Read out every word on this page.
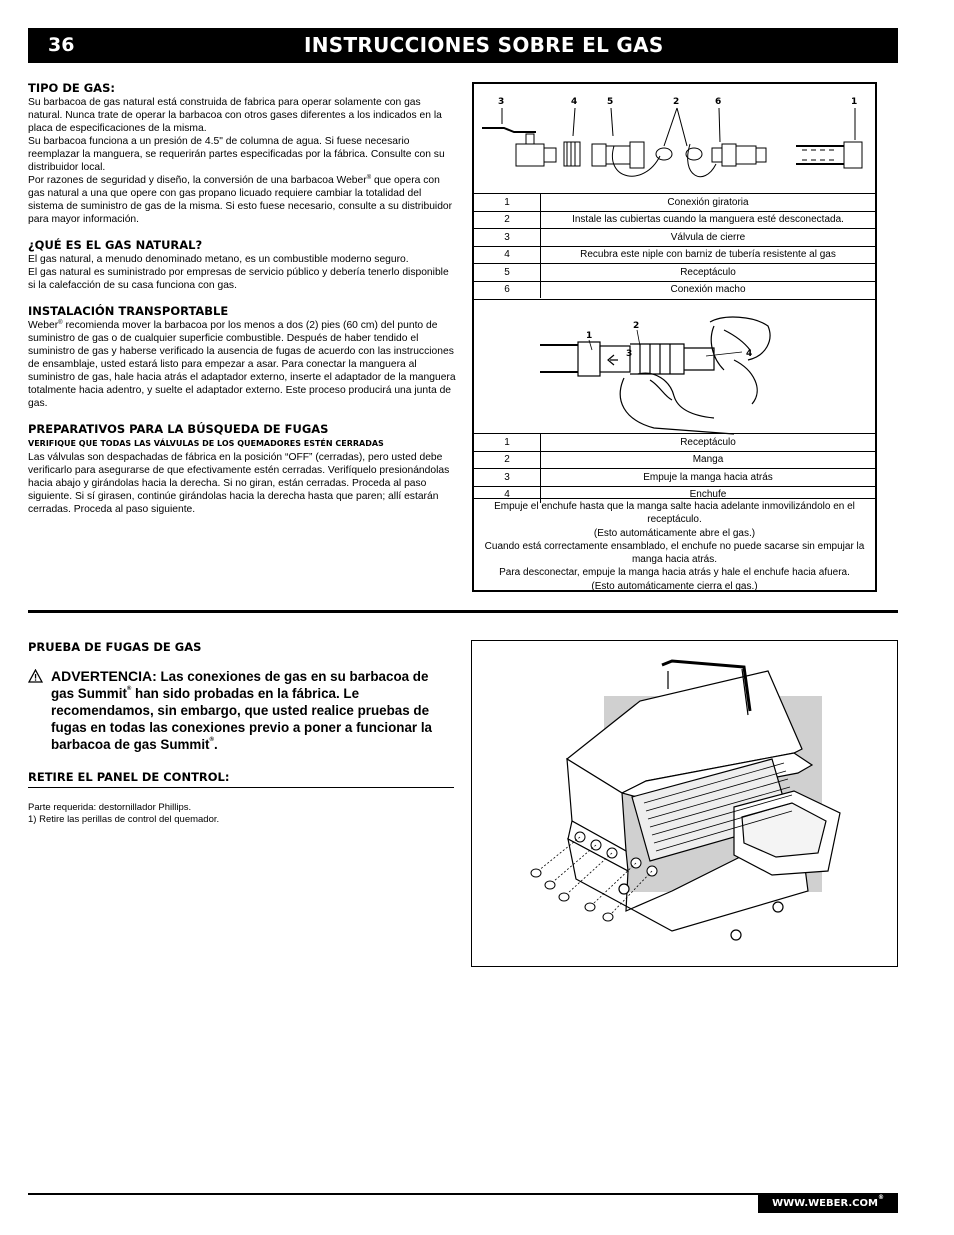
36	INSTRUCCIONES SOBRE EL GAS
TIPO DE GAS:

Su barbacoa de gas natural está construida de fabrica para operar solamente con gas natural. Nunca trate de operar la barbacoa con otros gases diferentes a los indicados en la placa de especificaciones de la misma.

Su barbacoa funciona a un presión de 4.5" de columna de agua. Si fuese necesario reemplazar la manguera, se requerirán partes especificadas por la fábrica. Consulte con su distribuidor local.

Por razones de seguridad y diseño, la conversión de una barbacoa Weber® que opera con gas natural a una que opere con gas propano licuado requiere cambiar la totalidad del sistema de suministro de gas de la misma. Si esto fuese necesario, consulte a su distribuidor para mayor información.

¿QUÉ ES EL GAS NATURAL?

El gas natural, a menudo denominado metano, es un combustible moderno seguro.

El gas natural es suministrado por empresas de servicio público y debería tenerlo disponible si la calefacción de su casa funciona con gas.

INSTALACIÓN TRANSPORTABLE

Weber® recomienda mover la barbacoa por los menos a dos (2) pies (60 cm) del punto de suministro de gas o de cualquier superficie combustible. Después de haber tendido el suministro de gas y haberse verificado la ausencia de fugas de acuerdo con las instrucciones de ensamblaje, usted estará listo para empezar a asar. Para conectar la manguera al suministro de gas, hale hacia atrás el adaptador externo, inserte el adaptador de la manguera totalmente hacia adentro, y suelte el adaptador externo. Este proceso producirá una junta de gas.

PREPARATIVOS PARA LA BÚSQUEDA DE FUGAS
VERIFIQUE QUE TODAS LAS VÁLVULAS DE LOS QUEMADORES ESTÉN CERRADAS

Las válvulas son despachadas de fábrica en la posición “OFF” (cerradas), pero usted debe verificarlo para asegurarse de que efectivamente estén cerradas. Verifíquelo presionándolas hacia abajo y girándolas hacia la derecha. Si no giran, están cerradas. Proceda al paso siguiente. Si sí girasen, continúe girándolas hacia la derecha hasta que paren; allí estarán cerradas. Proceda al paso siguiente.

3	4	5	2	6	1
1	Conexión giratoria
2	Instale las cubiertas cuando la manguera esté desconectada.
3	Válvula de cierre
4	Recubra este niple con barniz de tubería resistente al gas
5	Receptáculo
6	Conexión macho
1
2
3	4
1	Receptáculo
2	Manga
3	Empuje la manga hacia atrás
4	Enchufe

Empuje el enchufe hasta que la manga salte hacia adelante inmovilizándolo en el receptáculo.

(Esto automáticamente abre el gas.)

Cuando está correctamente ensamblado, el enchufe no puede sacarse sin empujar la manga hacia atrás.

Para desconectar, empuje la manga hacia atrás y hale el enchufe hacia afuera.

(Esto automáticamente cierra el gas.)

PRUEBA DE FUGAS DE GAS
ADVERTENCIA: Las conexiones de gas en su barbacoa de gas Summit® han sido probadas en la fábrica. Le recomendamos, sin embargo, que usted realice pruebas de fugas en todas las conexiones previo a poner a funcionar la barbacoa de gas Summit®.
RETIRE EL PANEL DE CONTROL:

Parte requerida: destornillador Phillips.

1) Retire las perillas de control del quemador.

WWW.WEBER.COM®
